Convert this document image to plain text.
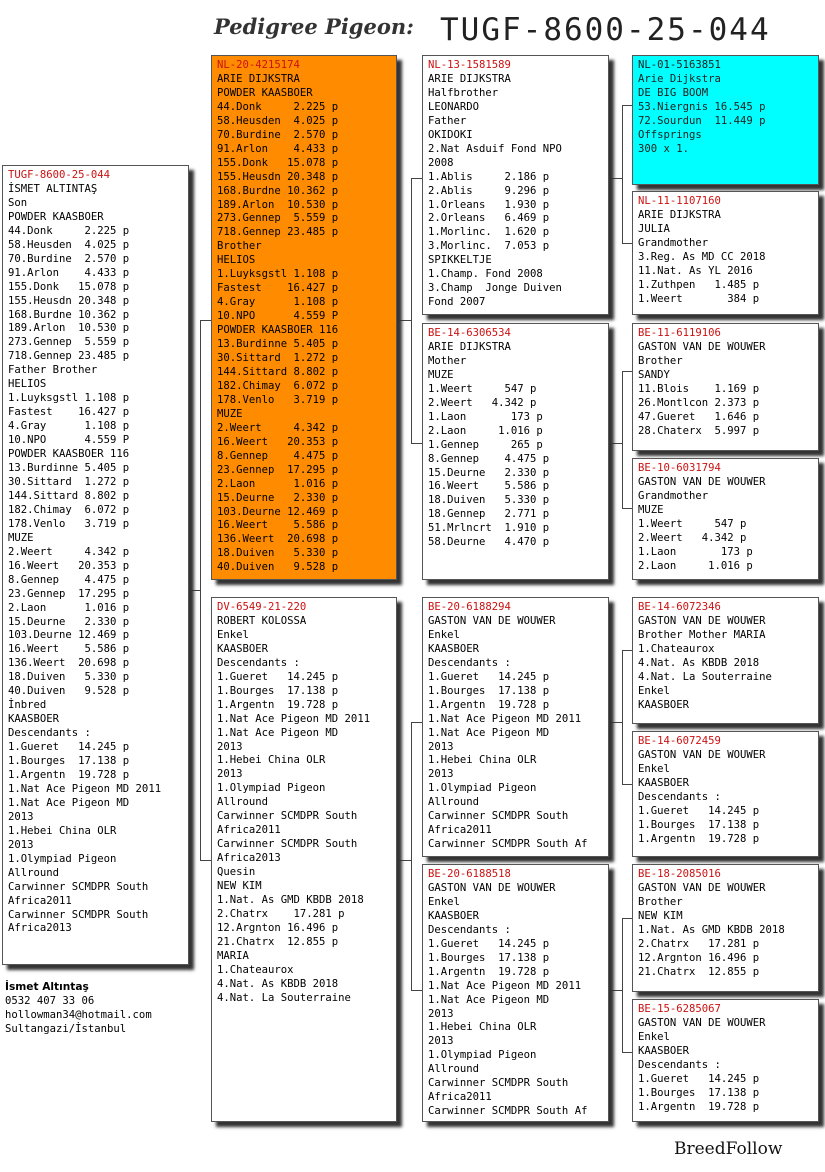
Pedigree Pigeon: TUGF-8600-25-044
TUGF-8600-25-044
İSMET ALTINTAŞ
Son
POWDER KAASBOER
44.Donk     2.225 p
58.Heusden  4.025 p
70.Burdine  2.570 p
91.Arlon    4.433 p
155.Donk   15.078 p
155.Heusdn 20.348 p
168.Burdne 10.362 p
189.Arlon  10.530 p
273.Gennep  5.559 p
718.Gennep 23.485 p
Father Brother
HELIOS
1.Luyksgstl 1.108 p
Fastest    16.427 p
4.Gray      1.108 p
10.NPO      4.559 P
POWDER KAASBOER 116
13.Burdinne 5.405 p
30.Sittard  1.272 p
144.Sittard 8.802 p
182.Chimay  6.072 p
178.Venlo   3.719 p
MUZE
2.Weert     4.342 p
16.Weert   20.353 p
8.Gennep    4.475 p
23.Gennep  17.295 p
2.Laon      1.016 p
15.Deurne   2.330 p
103.Deurne 12.469 p
16.Weert    5.586 p
136.Weert  20.698 p
18.Duiven   5.330 p
40.Duiven   9.528 p
İnbred
KAASBOER
Descendants :
1.Gueret   14.245 p
1.Bourges  17.138 p
1.Argentn  19.728 p
1.Nat Ace Pigeon MD 2011
1.Nat Ace Pigeon MD
2013
1.Hebei China OLR
2013
1.Olympiad Pigeon
Allround
Carwinner SCMDPR South
Africa2011
Carwinner SCMDPR South
Africa2013
NL-20-4215174
ARIE DIJKSTRA
POWDER KAASBOER
44.Donk     2.225 p
58.Heusden  4.025 p
70.Burdine  2.570 p
91.Arlon    4.433 p
155.Donk   15.078 p
155.Heusdn 20.348 p
168.Burdne 10.362 p
189.Arlon  10.530 p
273.Gennep  5.559 p
718.Gennep 23.485 p
Brother
HELIOS
1.Luyksgstl 1.108 p
Fastest    16.427 p
4.Gray      1.108 p
10.NPO      4.559 P
POWDER KAASBOER 116
13.Burdinne 5.405 p
30.Sittard  1.272 p
144.Sittard 8.802 p
182.Chimay  6.072 p
178.Venlo   3.719 p
MUZE
2.Weert     4.342 p
16.Weert   20.353 p
8.Gennep    4.475 p
23.Gennep  17.295 p
2.Laon      1.016 p
15.Deurne   2.330 p
103.Deurne 12.469 p
16.Weert    5.586 p
136.Weert  20.698 p
18.Duiven   5.330 p
40.Duiven   9.528 p
DV-6549-21-220
ROBERT KOLOSSA
Enkel
KAASBOER
Descendants :
1.Gueret   14.245 p
1.Bourges  17.138 p
1.Argentn  19.728 p
1.Nat Ace Pigeon MD 2011
1.Nat Ace Pigeon MD
2013
1.Hebei China OLR
2013
1.Olympiad Pigeon
Allround
Carwinner SCMDPR South
Africa2011
Carwinner SCMDPR South
Africa2013
Quesin
NEW KIM
1.Nat. As GMD KBDB 2018
2.Chatrx    17.281 p
12.Argnton 16.496 p
21.Chatrx  12.855 p
MARIA
1.Chateaurox
4.Nat. As KBDB 2018
4.Nat. La Souterraine
NL-13-1581589
ARIE DIJKSTRA
Halfbrother
LEONARDO
Father
OKIDOKI
2.Nat Asduif Fond NPO
2008
1.Ablis     2.186 p
2.Ablis     9.296 p
1.Orleans   1.930 p
2.Orleans   6.469 p
1.Morlinc.  1.620 p
3.Morlinc.  7.053 p
SPIKKELTJE
1.Champ. Fond 2008
3.Champ  Jonge Duiven
Fond 2007
BE-14-6306534
ARIE DIJKSTRA
Mother
MUZE
1.Weert     547 p
2.Weert   4.342 p
1.Laon       173 p
2.Laon     1.016 p
1.Gennep     265 p
8.Gennep    4.475 p
15.Deurne   2.330 p
16.Weert    5.586 p
18.Duiven   5.330 p
18.Gennep   2.771 p
51.Mrlncrt  1.910 p
58.Deurne   4.470 p
BE-20-6188294
GASTON VAN DE WOUWER
Enkel
KAASBOER
Descendants :
1.Gueret   14.245 p
1.Bourges  17.138 p
1.Argentn  19.728 p
1.Nat Ace Pigeon MD 2011
1.Nat Ace Pigeon MD
2013
1.Hebei China OLR
2013
1.Olympiad Pigeon
Allround
Carwinner SCMDPR South
Africa2011
Carwinner SCMDPR South Af
BE-20-6188518
GASTON VAN DE WOUWER
Enkel
KAASBOER
Descendants :
1.Gueret   14.245 p
1.Bourges  17.138 p
1.Argentn  19.728 p
1.Nat Ace Pigeon MD 2011
1.Nat Ace Pigeon MD
2013
1.Hebei China OLR
2013
1.Olympiad Pigeon
Allround
Carwinner SCMDPR South
Africa2011
Carwinner SCMDPR South Af
NL-01-5163851
Arie Dijkstra
DE BIG BOOM
53.Niergnis 16.545 p
72.Sourdun  11.449 p
Offsprings
300 x 1.
NL-11-1107160
ARIE DIJKSTRA
JULIA
Grandmother
3.Reg. As MD CC 2018
11.Nat. As YL 2016
1.Zuthpen   1.485 p
1.Weert       384 p
BE-11-6119106
GASTON VAN DE WOUWER
Brother
SANDY
11.Blois    1.169 p
26.Montlcon 2.373 p
47.Gueret   1.646 p
28.Chaterx  5.997 p
BE-10-6031794
GASTON VAN DE WOUWER
Grandmother
MUZE
1.Weert     547 p
2.Weert   4.342 p
1.Laon       173 p
2.Laon     1.016 p
BE-14-6072346
GASTON VAN DE WOUWER
Brother Mother MARIA
1.Chateaurox
4.Nat. As KBDB 2018
4.Nat. La Souterraine
Enkel
KAASBOER
BE-14-6072459
GASTON VAN DE WOUWER
Enkel
KAASBOER
Descendants :
1.Gueret   14.245 p
1.Bourges  17.138 p
1.Argentn  19.728 p
BE-18-2085016
GASTON VAN DE WOUWER
Brother
NEW KIM
1.Nat. As GMD KBDB 2018
2.Chatrx   17.281 p
12.Argnton 16.496 p
21.Chatrx  12.855 p
BE-15-6285067
GASTON VAN DE WOUWER
Enkel
KAASBOER
Descendants :
1.Gueret   14.245 p
1.Bourges  17.138 p
1.Argentn  19.728 p
İsmet Altıntaş
0532 407 33 06
hollowman34@hotmail.com
Sultangazi/İstanbul
BreedFollow
